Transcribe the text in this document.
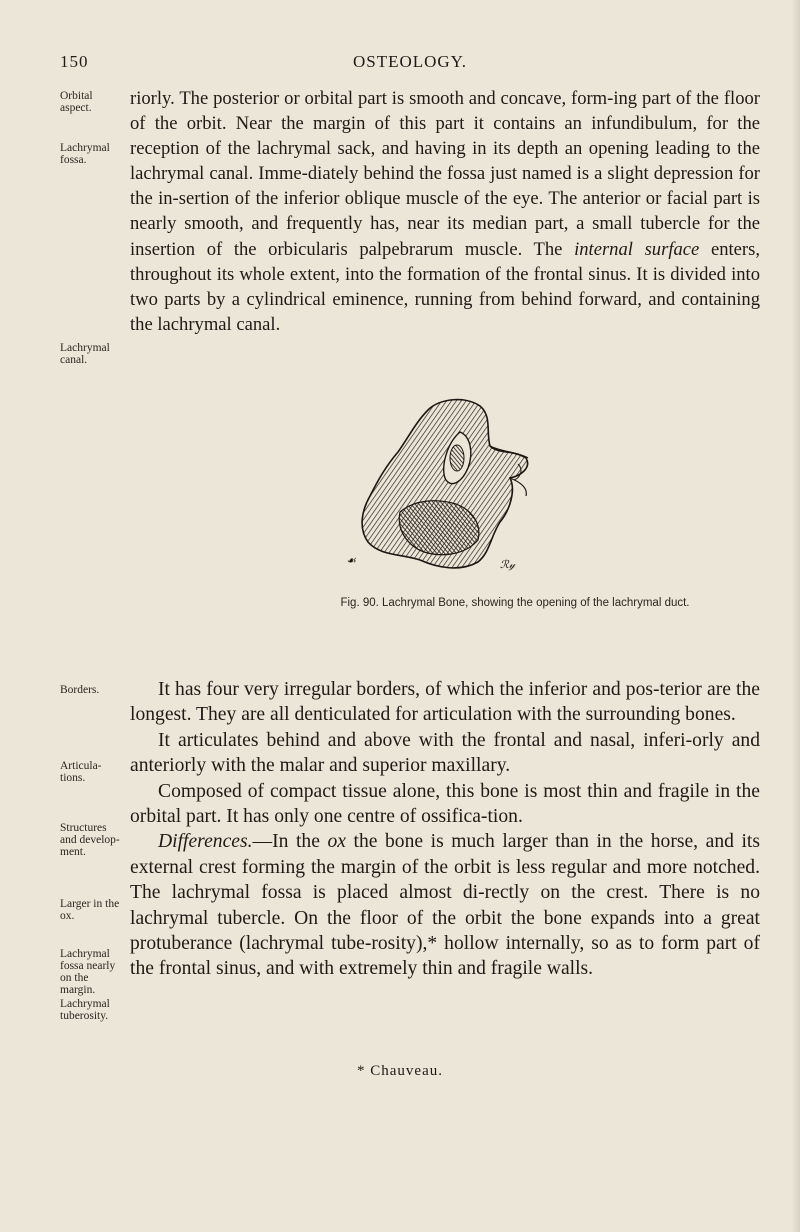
150	OSTEOLOGY.
Orbital aspect.
Lachrymal fossa.
Lachrymal canal.
Borders.
Articula-tions.
Structures and develop-ment.
Larger in the ox.
Lachrymal fossa nearly on the margin.
Lachrymal tuberosity.

riorly. The posterior or orbital part is smooth and concave, form-ing part of the floor of the orbit. Near the margin of this part it contains an infundibulum, for the reception of the lachrymal sack, and having in its depth an opening leading to the lachrymal canal. Imme-diately behind the fossa just named is a slight depression for the in-sertion of the inferior oblique muscle of the eye. The anterior or facial part is nearly smooth, and frequently has, near its median part, a small tubercle for the insertion of the orbicularis palpebrarum muscle. The internal surface enters, throughout its whole extent, into the formation of the frontal sinus. It is divided into two parts by a cylindrical eminence, running from behind forward, and containing the lachrymal canal.

☙	ℛ𝓎
Fig. 90. Lachrymal Bone, showing the opening of the lachrymal duct.

It has four very irregular borders, of which the inferior and pos-terior are the longest. They are all denticulated for articulation with the surrounding bones.

It articulates behind and above with the frontal and nasal, inferi-orly and anteriorly with the malar and superior maxillary.

Composed of compact tissue alone, this bone is most thin and fragile in the orbital part. It has only one centre of ossifica-tion.

Differences.—In the ox the bone is much larger than in the horse, and its external crest forming the margin of the orbit is less regular and more notched. The lachrymal fossa is placed almost di-rectly on the crest. There is no lachrymal tubercle. On the floor of the orbit the bone expands into a great protuberance (lachrymal tube-rosity),* hollow internally, so as to form part of the frontal sinus, and with extremely thin and fragile walls.

* Chauveau.
